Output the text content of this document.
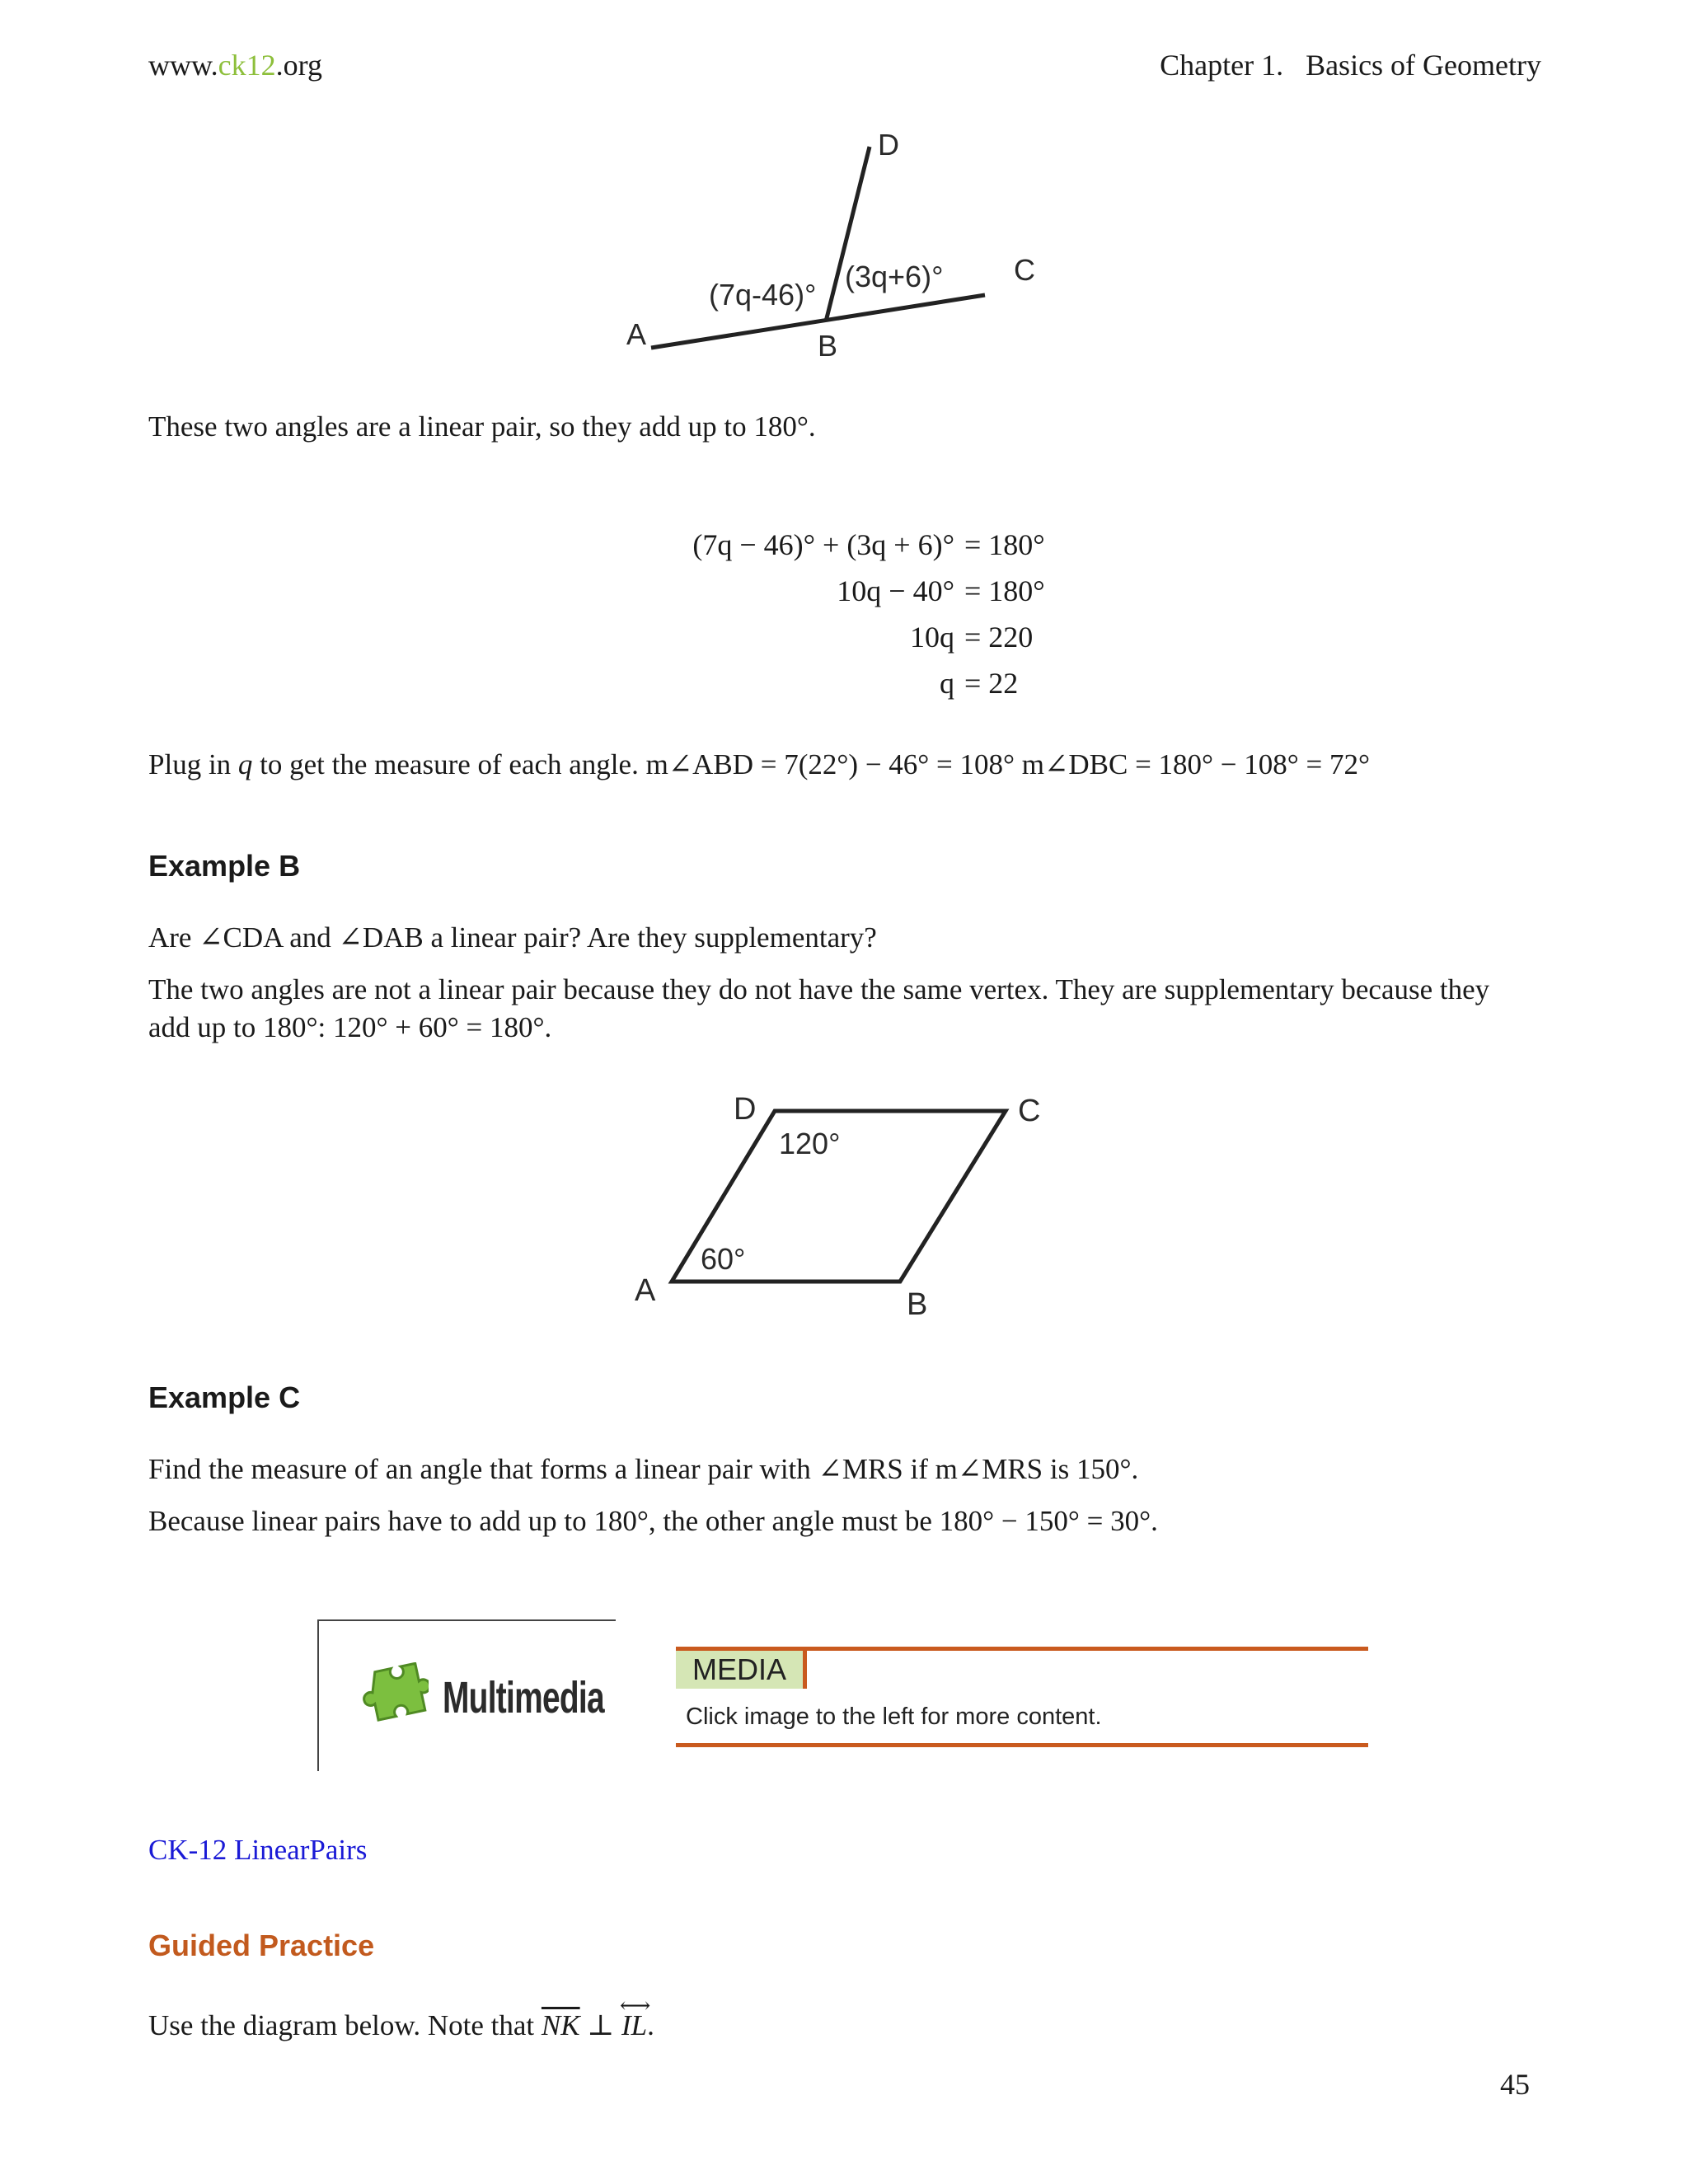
www.ck12.org	Chapter 1.   Basics of Geometry
D
C
A	B
(7q-46)°
(3q+6)°
These two angles are a linear pair, so they add up to 180°.
(7q − 46)° + (3q + 6)° = 180°
10q − 40° = 180°
10q = 220
q = 22
Plug in q to get the measure of each angle. m∠ABD = 7(22°) − 46° = 108° m∠DBC = 180° − 108° = 72°
Example B
Are ∠CDA and ∠DAB a linear pair? Are they supplementary?
The two angles are not a linear pair because they do not have the same vertex. They are supplementary because they
add up to 180°: 120° + 60° = 180°.
D	C
A	B
120°
60°
Example C
Find the measure of an angle that forms a linear pair with ∠MRS if m∠MRS is 150°.
Because linear pairs have to add up to 180°, the other angle must be 180° − 150° = 30°.
Multimedia
MEDIA
Click image to the left for more content.
CK-12 LinearPairs
Guided Practice
Use the diagram below. Note that $\overline{NK}$ ⊥
⟷
IL.
45
